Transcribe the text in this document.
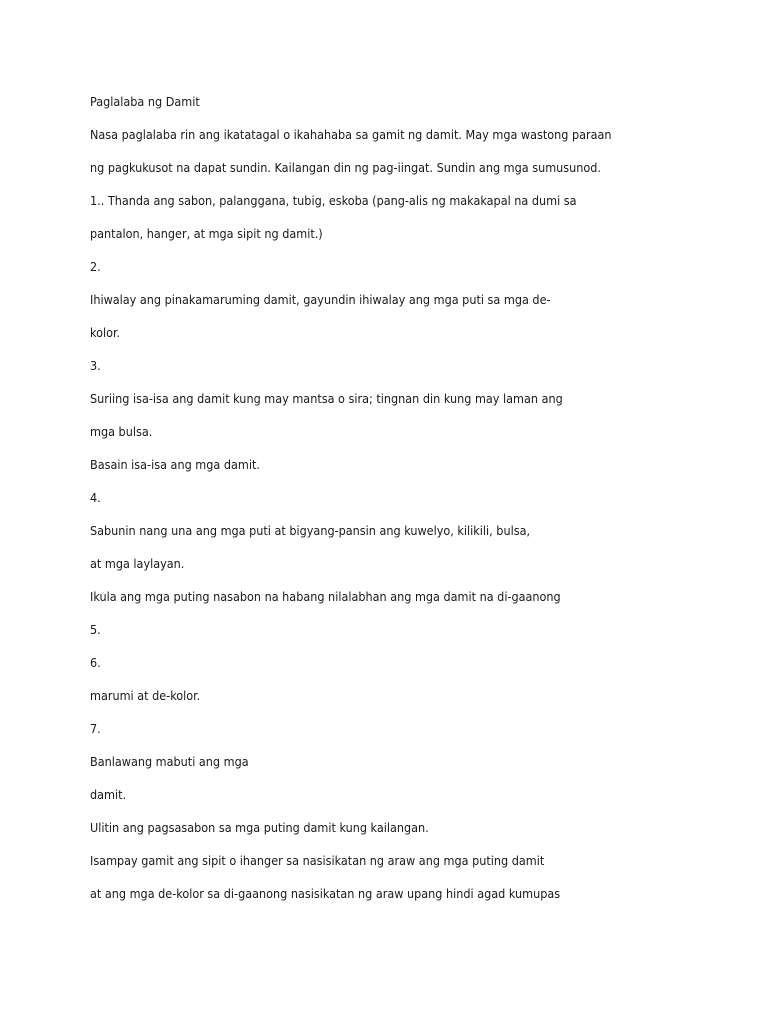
Paglalaba ng Damit

Nasa paglalaba rin ang ikatatagal o ikahahaba sa gamit ng damit. May mga wastong paraan

ng pagkukusot na dapat sundin. Kailangan din ng pag-iingat. Sundin ang mga sumusunod.

1.. Thanda ang sabon, palanggana, tubig, eskoba (pang-alis ng makakapal na dumi sa

pantalon, hanger, at mga sipit ng damit.)

2.

Ihiwalay ang pinakamaruming damit, gayundin ihiwalay ang mga puti sa mga de-

kolor.

3.

Suriing isa-isa ang damit kung may mantsa o sira; tingnan din kung may laman ang

mga bulsa.

Basain isa-isa ang mga damit.

4.

Sabunin nang una ang mga puti at bigyang-pansin ang kuwelyo, kilikili, bulsa,

at mga laylayan.

Ikula ang mga puting nasabon na habang nilalabhan ang mga damit na di-gaanong

5.

6.

marumi at de-kolor.

7.

Banlawang mabuti ang mga

damit.

Ulitin ang pagsasabon sa mga puting damit kung kailangan.

Isampay gamit ang sipit o ihanger sa nasisikatan ng araw ang mga puting damit

at ang mga de-kolor sa di-gaanong nasisikatan ng araw upang hindi agad kumupas
